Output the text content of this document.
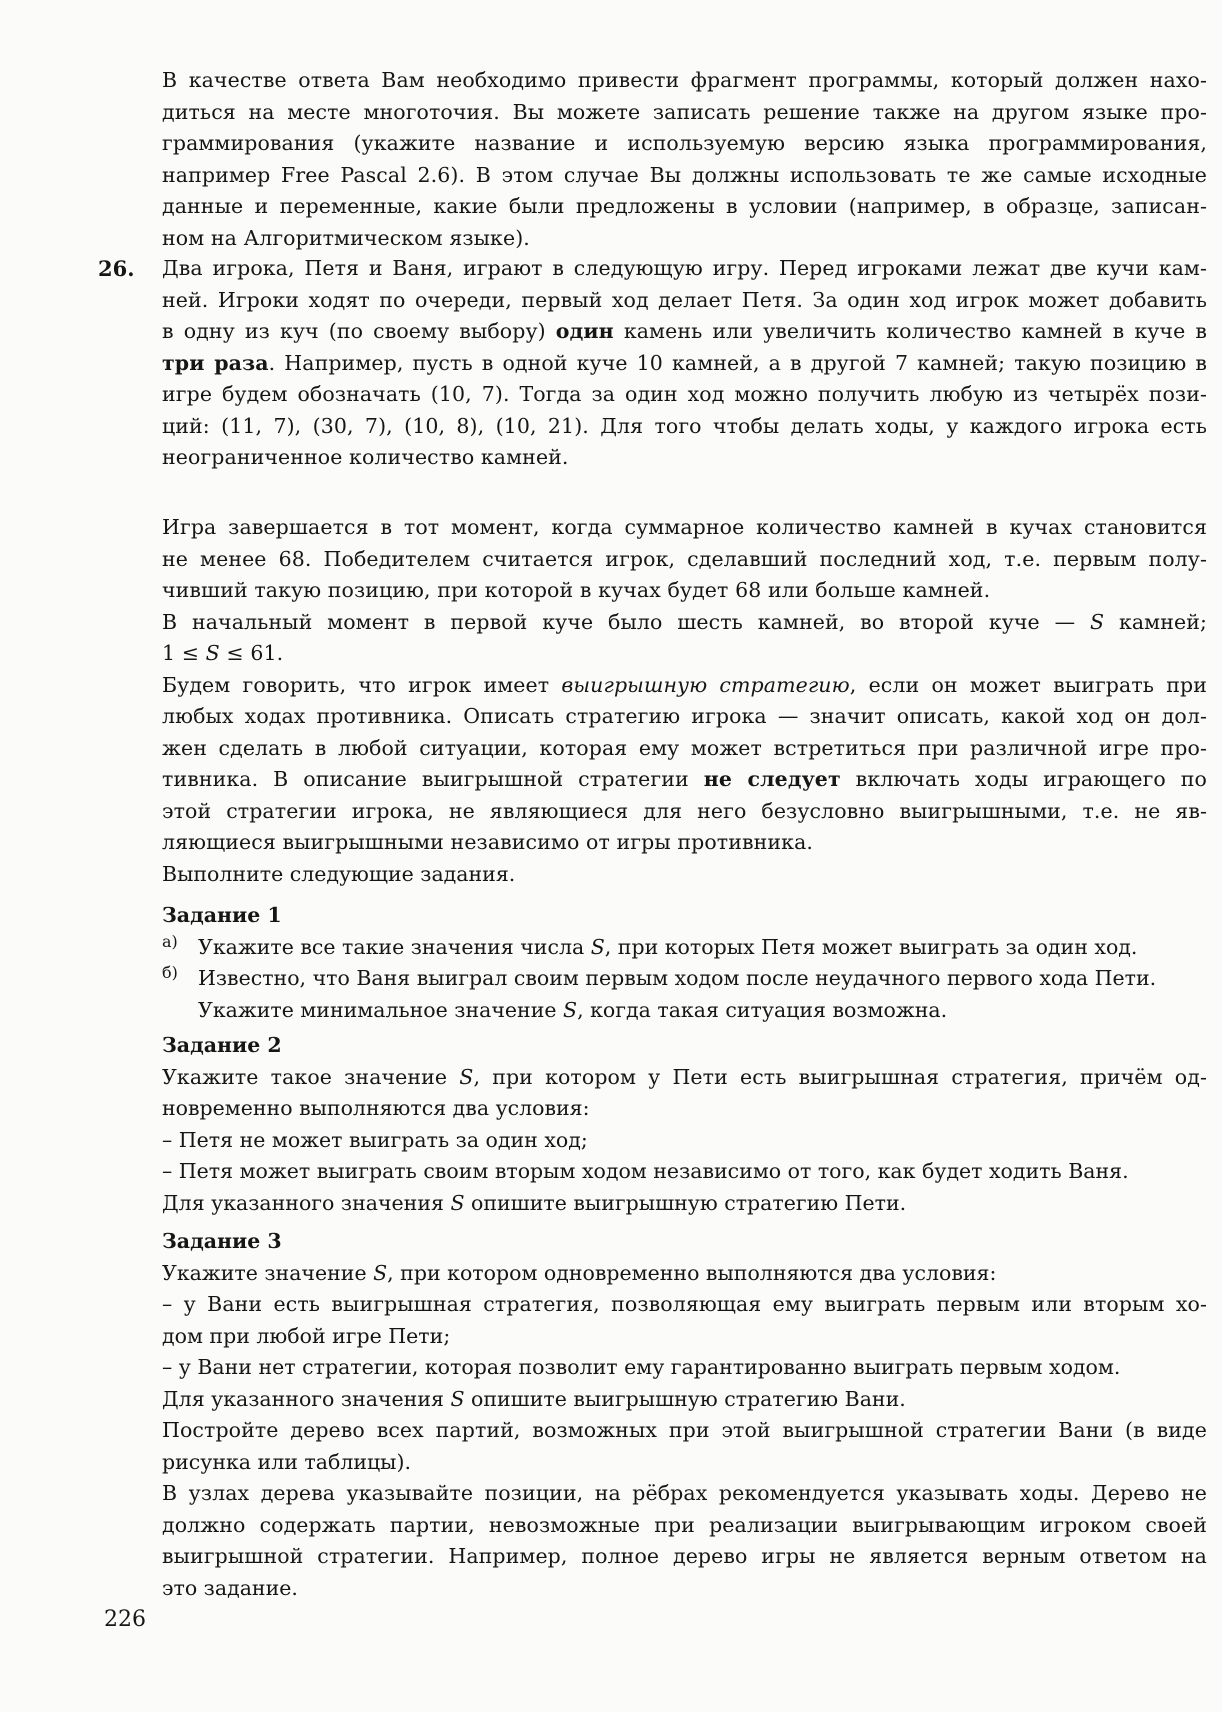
В качестве ответа Вам необходимо привести фрагмент программы, который должен нахо-

диться на месте многоточия. Вы можете записать решение также на другом языке про-

граммирования (укажите название и используемую версию языка программирования,

например Free Pascal 2.6). В этом случае Вы должны использовать те же самые исходные

данные и переменные, какие были предложены в условии (например, в образце, записан-

ном на Алгоритмическом языке).

26. Два игрока, Петя и Ваня, играют в следующую игру. Перед игроками лежат две кучи кам-

ней. Игроки ходят по очереди, первый ход делает Петя. За один ход игрок может добавить

в одну из куч (по своему выбору) один камень или увеличить количество камней в куче в

три раза. Например, пусть в одной куче 10 камней, а в другой 7 камней; такую позицию в

игре будем обозначать (10, 7). Тогда за один ход можно получить любую из четырёх пози-

ций: (11, 7), (30, 7), (10, 8), (10, 21). Для того чтобы делать ходы, у каждого игрока есть

неограниченное количество камней.

Игра завершается в тот момент, когда суммарное количество камней в кучах становится

не менее 68. Победителем считается игрок, сделавший последний ход, т.е. первым полу-

чивший такую позицию, при которой в кучах будет 68 или больше камней.

В начальный момент в первой куче было шесть камней, во второй куче — S камней;

1 ≤ S ≤ 61.

Будем говорить, что игрок имеет выигрышную стратегию, если он может выиграть при

любых ходах противника. Описать стратегию игрока — значит описать, какой ход он дол-

жен сделать в любой ситуации, которая ему может встретиться при различной игре про-

тивника. В описание выигрышной стратегии не следует включать ходы играющего по

этой стратегии игрока, не являющиеся для него безусловно выигрышными, т.е. не яв-

ляющиеся выигрышными независимо от игры противника.

Выполните следующие задания.

Задание 1

а) Укажите все такие значения числа S, при которых Петя может выиграть за один ход.

б) Известно, что Ваня выиграл своим первым ходом после неудачного первого хода Пети.

Укажите минимальное значение S, когда такая ситуация возможна.

Задание 2

Укажите такое значение S, при котором у Пети есть выигрышная стратегия, причём од-

новременно выполняются два условия:

– Петя не может выиграть за один ход;

– Петя может выиграть своим вторым ходом независимо от того, как будет ходить Ваня.

Для указанного значения S опишите выигрышную стратегию Пети.

Задание 3

Укажите значение S, при котором одновременно выполняются два условия:

– у Вани есть выигрышная стратегия, позволяющая ему выиграть первым или вторым хо-

дом при любой игре Пети;

– у Вани нет стратегии, которая позволит ему гарантированно выиграть первым ходом.

Для указанного значения S опишите выигрышную стратегию Вани.

Постройте дерево всех партий, возможных при этой выигрышной стратегии Вани (в виде

рисунка или таблицы).

В узлах дерева указывайте позиции, на рёбрах рекомендуется указывать ходы. Дерево не

должно содержать партии, невозможные при реализации выигрывающим игроком своей

выигрышной стратегии. Например, полное дерево игры не является верным ответом на

это задание.

226
